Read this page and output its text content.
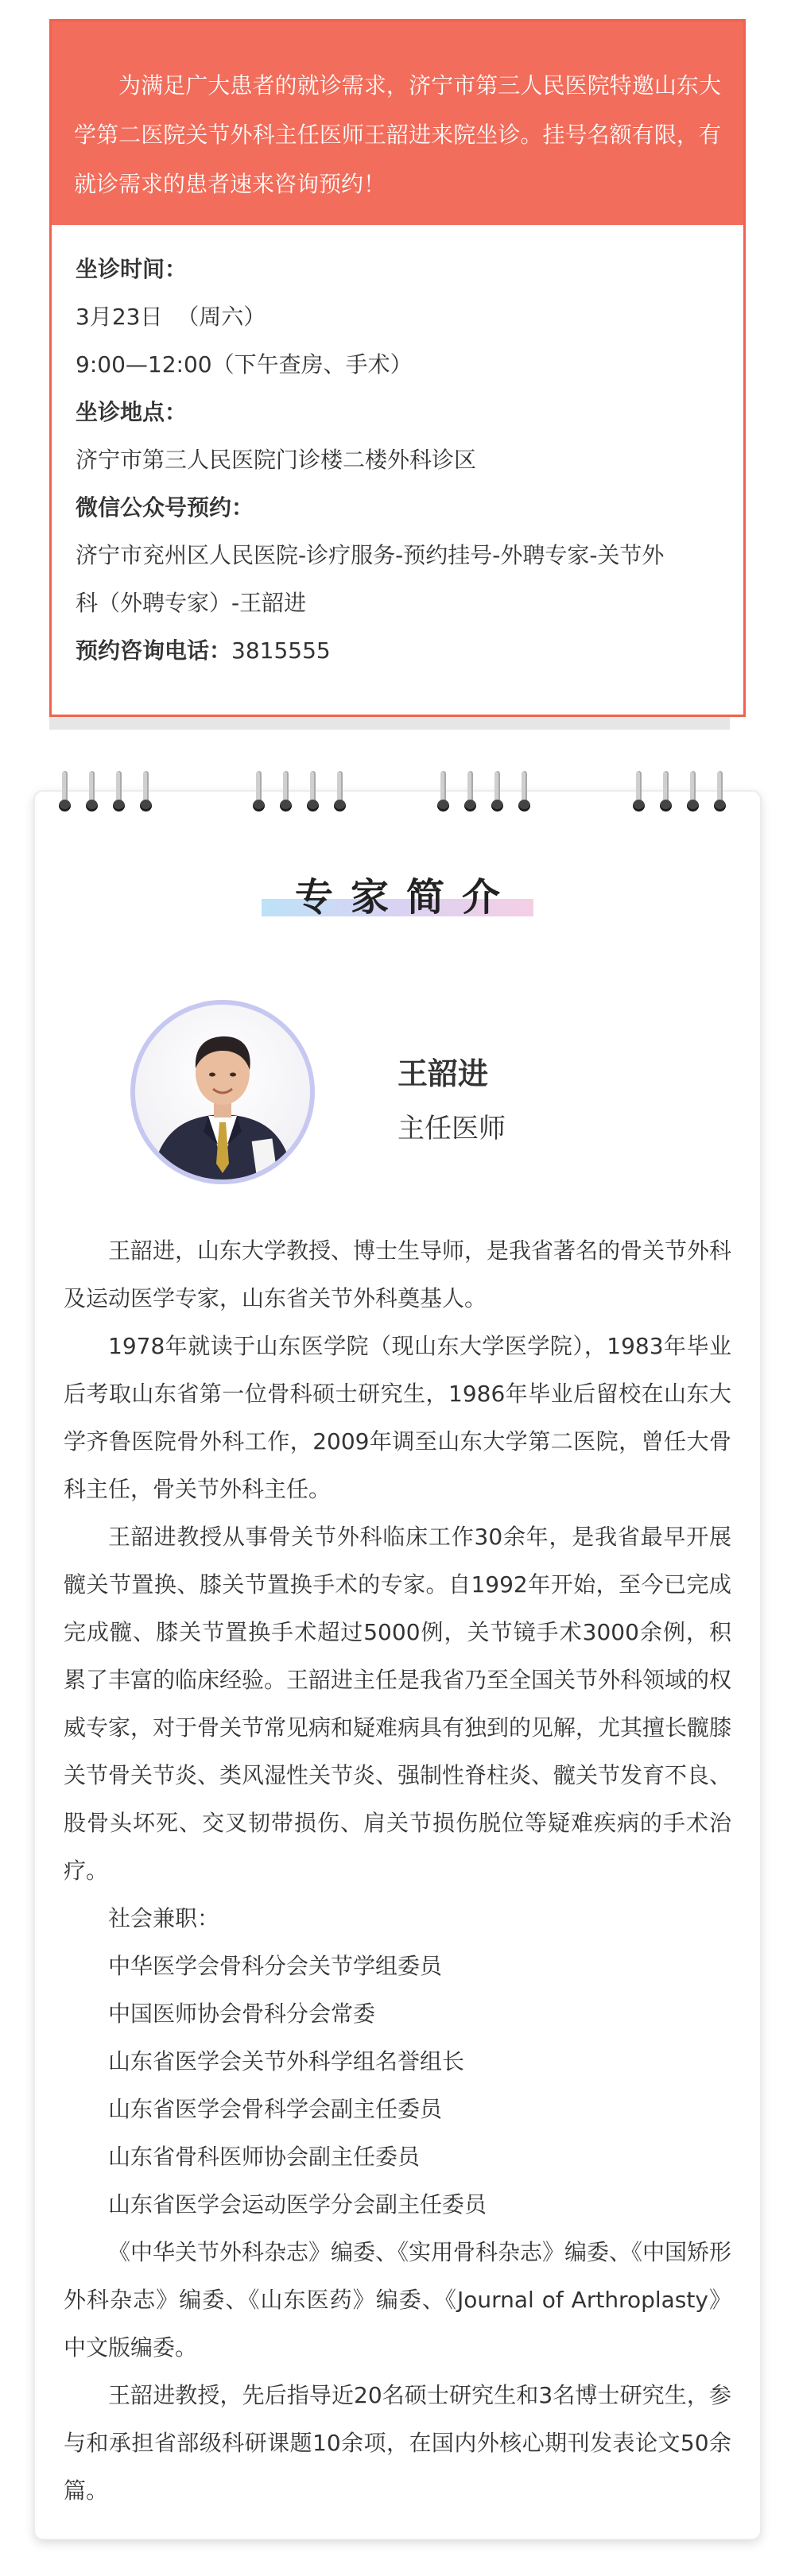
为满足广大患者的就诊需求，济宁市第三人民医院特邀山东大学第二医院关节外科主任医师王韶进来院坐诊。挂号名额有限，有就诊需求的患者速来咨询预约！
坐诊时间：
3月23日  （周六）
9:00—12:00（下午查房、手术）
坐诊地点：
济宁市第三人民医院门诊楼二楼外科诊区
微信公众号预约：
济宁市兖州区人民医院-诊疗服务-预约挂号-外聘专家-关节外
科（外聘专家）-王韶进
预约咨询电话：3815555
专家简介
王韶进
主任医师

王韶进，山东大学教授、博士生导师，是我省著名的骨关节外科及运动医学专家，山东省关节外科奠基人。

1978年就读于山东医学院（现山东大学医学院），1983年毕业后考取山东省第一位骨科硕士研究生，1986年毕业后留校在山东大学齐鲁医院骨外科工作，2009年调至山东大学第二医院，曾任大骨科主任，骨关节外科主任。

王韶进教授从事骨关节外科临床工作30余年，是我省最早开展髋关节置换、膝关节置换手术的专家。自1992年开始，至今已完成完成髋、膝关节置换手术超过5000例，关节镜手术3000余例，积累了丰富的临床经验。王韶进主任是我省乃至全国关节外科领域的权威专家，对于骨关节常见病和疑难病具有独到的见解，尤其擅长髋膝关节骨关节炎、类风湿性关节炎、强制性脊柱炎、髋关节发育不良、股骨头坏死、交叉韧带损伤、肩关节损伤脱位等疑难疾病的手术治疗。

社会兼职：

中华医学会骨科分会关节学组委员

中国医师协会骨科分会常委

山东省医学会关节外科学组名誉组长

山东省医学会骨科学会副主任委员

山东省骨科医师协会副主任委员

山东省医学会运动医学分会副主任委员

《中华关节外科杂志》编委、《实用骨科杂志》编委、《中国矫形外科杂志》编委、《山东医药》编委、《Journal of Arthroplasty》中文版编委。

王韶进教授，先后指导近20名硕士研究生和3名博士研究生，参与和承担省部级科研课题10余项，在国内外核心期刊发表论文50余篇。
